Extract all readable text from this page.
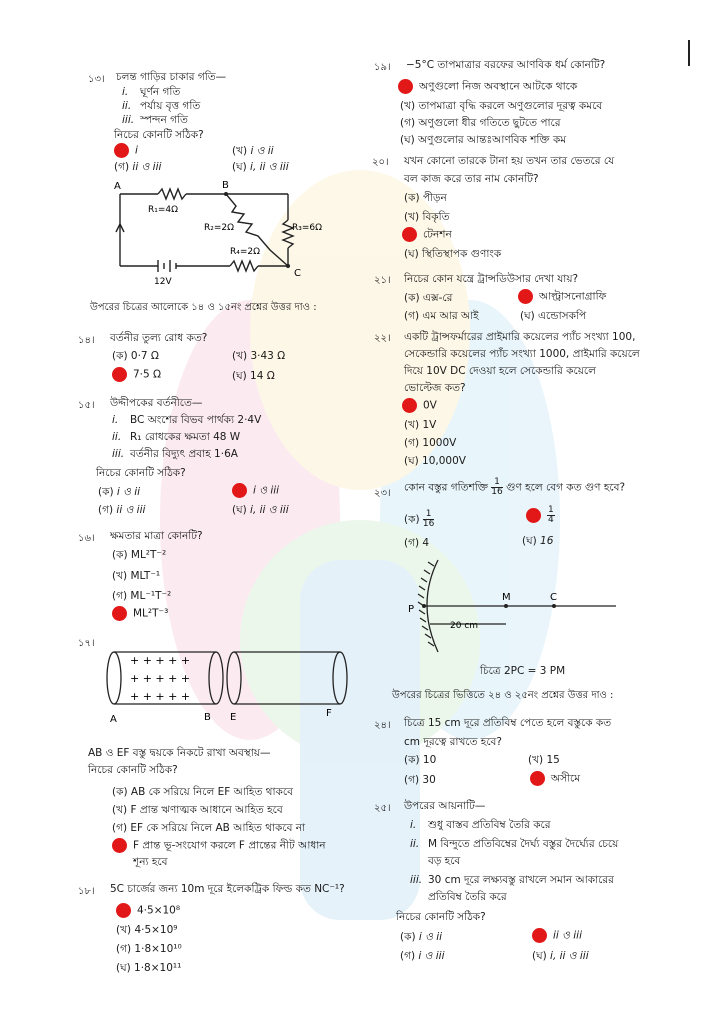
১৩। চলন্ত গাড়ির চাকার গতি—
i. ঘূর্ণন গতি
ii. পর্যায় বৃত্ত গতি
iii. স্পন্দন গতি
নিচের কোনটি সঠিক?
i	(খ) i ও ii
(গ) ii ও iii	(ঘ) i, ii ও iii
A	B
C
R₁=4Ω
R₂=2Ω	R₃=6Ω
R₄=2Ω
12V
উপরের চিত্রের আলোকে ১৪ ও ১৫নং প্রশ্নের উত্তর দাও :
১৪। বর্তনীর তুল্য রোধ কত?
(ক) 0·7 Ω	(খ) 3·43 Ω
7·5 Ω	(ঘ) 14 Ω
১৫। উদ্দীপকের বর্তনীতে—
i. BC অংশের বিভব পার্থক্য 2·4V
ii. R₁ রোধকের ক্ষমতা 48 W
iii. বর্তনীর বিদ্যুৎ প্রবাহ 1·6A
নিচের কোনটি সঠিক?
(ক) i ও ii	i ও iii
(গ) ii ও iii	(ঘ) i, ii ও iii
১৬। ক্ষমতার মাত্রা কোনটি?
(ক) ML²T⁻²
(খ) MLT⁻¹
(গ) ML⁻¹T⁻²
ML²T⁻³
১৭।
+ + + + +
+ + + + +
+ + + + +
A	B E	F
AB ও EF বস্তু দ্বয়কে নিকটে রাখা অবস্থায়—
নিচের কোনটি সঠিক?
(ক) AB কে সরিয়ে নিলে EF আহিত থাকবে
(খ) F প্রান্ত ঋণাত্মক আধানে আহিত হবে
(গ) EF কে সরিয়ে নিলে AB আহিত থাকবে না
F প্রান্ত ভূ-সংযোগ করলে F প্রান্তের নীট আধান
শূন্য হবে
১৮। 5C চার্জের জন্য 10m দূরে ইলেকট্রিক ফিল্ড কত NC⁻¹?
4·5×10⁸
(খ) 4·5×10⁹
(গ) 1·8×10¹⁰
(ঘ) 1·8×10¹¹
১৯। −5°C তাপমাত্রার বরফের আণবিক ধর্ম কোনটি?
অণুগুলো নিজ অবস্থানে আটকে থাকে
(খ) তাপমাত্রা বৃদ্ধি করলে অণুগুলোর দূরত্ব কমবে
(গ) অণুগুলো ধীর গতিতে ছুটতে পারে
(ঘ) অণুগুলোর আন্তঃআণবিক শক্তি কম
২০। যখন কোনো তারকে টানা হয় তখন তার ভেতরে যে
বল কাজ করে তার নাম কোনটি?
(ক) পীড়ন
(খ) বিকৃতি
টেনশন
(ঘ) স্থিতিস্থাপক গুণাংক
২১। নিচের কোন যন্ত্রে ট্রান্সডিউসার দেখা যায়?
(ক) এক্স-রে	আল্ট্রাসনোগ্রাফি
(গ) এম আর আই	(ঘ) এন্ডোসকপি
২২। একটি ট্রান্সফর্মারের প্রাইমারি কয়েলের প্যাঁচ সংখ্যা 100,
সেকেন্ডারি কয়েলের প্যাঁচ সংখ্যা 1000, প্রাইমারি কয়েলে
দিয়ে 10V DC দেওয়া হলে সেকেন্ডারি কয়েলে
ভোল্টেজ কত?
0V
(খ) 1V
(গ) 1000V
(ঘ) 10,000V
২৩। কোন বস্তুর গতিশক্তি $\frac{1}{16}$ গুণ হলে বেগ কত গুণ হবে?
(ক) $\frac{1}{16}$	$\frac{1}{4}$
(গ) 4	(ঘ) 16
P
M	C
20 cm
চিত্রে 2PC = 3 PM
উপরের চিত্রের ভিত্তিতে ২৪ ও ২৫নং প্রশ্নের উত্তর দাও :
২৪। চিত্রে 15 cm দূরে প্রতিবিম্ব পেতে হলে বস্তুকে কত
cm দূরত্বে রাখতে হবে?
(ক) 10	(খ) 15
(গ) 30	অসীমে
২৫। উপরের আয়নাটি—
i. শুধু বাস্তব প্রতিবিম্ব তৈরি করে
ii. M বিন্দুতে প্রতিবিম্বের দৈর্ঘ্য বস্তুর দৈর্ঘ্যের চেয়ে
বড় হবে
iii. 30 cm দূরে লক্ষ্যবস্তু রাখলে সমান আকারের
প্রতিবিম্ব তৈরি করে
নিচের কোনটি সঠিক?
(ক) i ও ii	ii ও iii
(গ) i ও iii	(ঘ) i, ii ও iii
